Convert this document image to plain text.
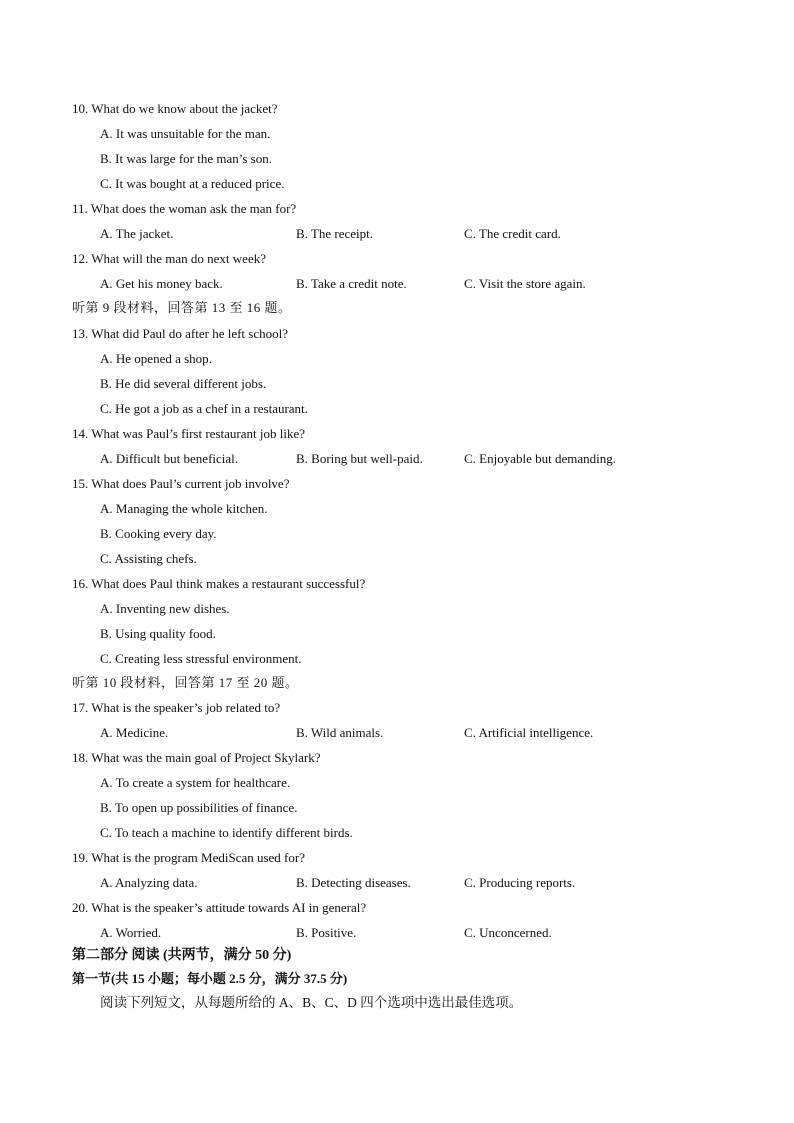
10. What do we know about the jacket?
A. It was unsuitable for the man.
B. It was large for the man’s son.
C. It was bought at a reduced price.
11. What does the woman ask the man for?
A. The jacket.	B. The receipt.	C. The credit card.
12. What will the man do next week?
A. Get his money back.	B. Take a credit note.	C. Visit the store again.
听第 9 段材料，回答第 13 至 16 题。
13. What did Paul do after he left school?
A. He opened a shop.
B. He did several different jobs.
C. He got a job as a chef in a restaurant.
14. What was Paul’s first restaurant job like?
A. Difficult but beneficial.	B. Boring but well-paid.	C. Enjoyable but demanding.
15. What does Paul’s current job involve?
A. Managing the whole kitchen.
B. Cooking every day.
C. Assisting chefs.
16. What does Paul think makes a restaurant successful?
A. Inventing new dishes.
B. Using quality food.
C. Creating less stressful environment.
听第 10 段材料，回答第 17 至 20 题。
17. What is the speaker’s job related to?
A. Medicine.	B. Wild animals.	C. Artificial intelligence.
18. What was the main goal of Project Skylark?
A. To create a system for healthcare.
B. To open up possibilities of finance.
C. To teach a machine to identify different birds.
19. What is the program MediScan used for?
A. Analyzing data.	B. Detecting diseases.	C. Producing reports.
20. What is the speaker’s attitude towards AI in general?
A. Worried.	B. Positive.	C. Unconcerned.
第二部分 阅读 (共两节，满分 50 分)
第一节(共 15 小题；每小题 2.5 分，满分 37.5 分)
阅读下列短文，从每题所给的 A、B、C、D 四个选项中选出最佳选项。
